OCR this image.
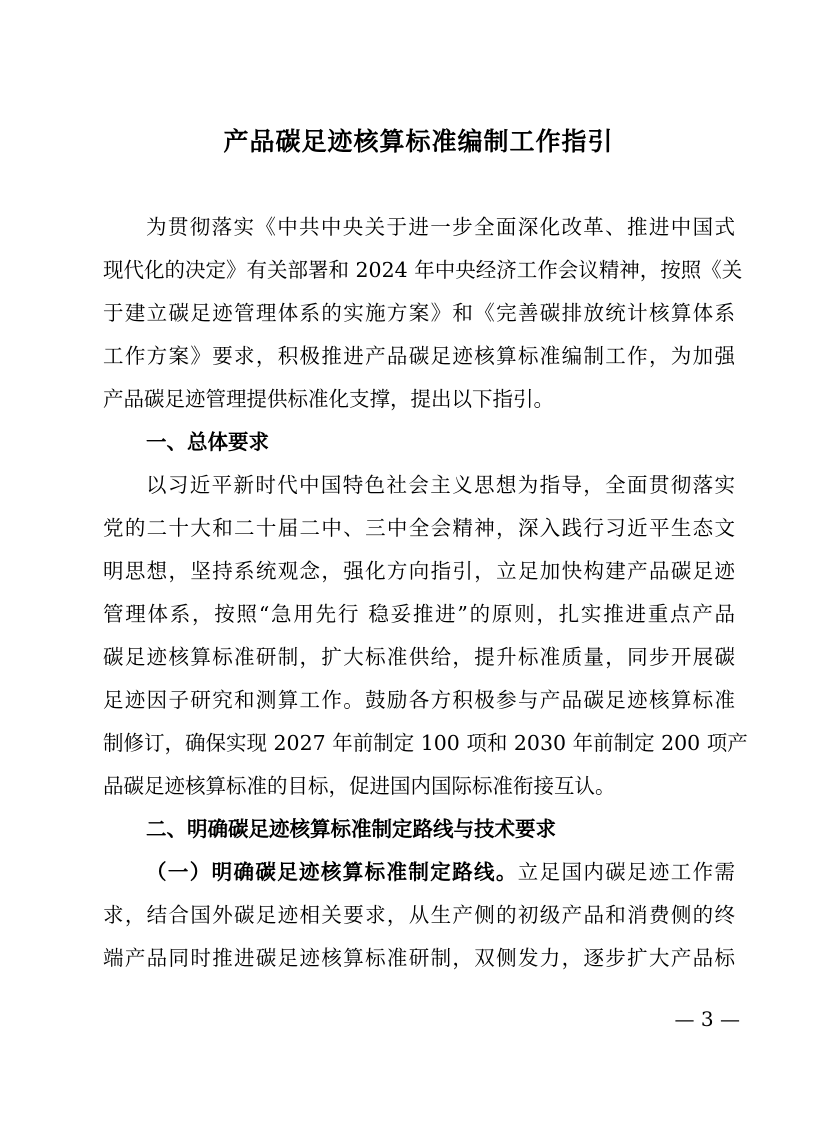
产品碳足迹核算标准编制工作指引
为贯彻落实《中共中央关于进一步全面深化改革、推进中国式
现代化的决定》有关部署和 2024 年中央经济工作会议精神，按照《关
于建立碳足迹管理体系的实施方案》和《完善碳排放统计核算体系
工作方案》要求，积极推进产品碳足迹核算标准编制工作，为加强
产品碳足迹管理提供标准化支撑，提出以下指引。
一、总体要求
以习近平新时代中国特色社会主义思想为指导，全面贯彻落实
党的二十大和二十届二中、三中全会精神，深入践行习近平生态文
明思想，坚持系统观念，强化方向指引，立足加快构建产品碳足迹
管理体系，按照“急用先行 稳妥推进”的原则，扎实推进重点产品
碳足迹核算标准研制，扩大标准供给，提升标准质量，同步开展碳
足迹因子研究和测算工作。鼓励各方积极参与产品碳足迹核算标准
制修订，确保实现 2027 年前制定 100 项和 2030 年前制定 200 项产
品碳足迹核算标准的目标，促进国内国际标准衔接互认。
二、明确碳足迹核算标准制定路线与技术要求
（一）明确碳足迹核算标准制定路线。立足国内碳足迹工作需
求，结合国外碳足迹相关要求，从生产侧的初级产品和消费侧的终
端产品同时推进碳足迹核算标准研制，双侧发力，逐步扩大产品标
— 3 —
